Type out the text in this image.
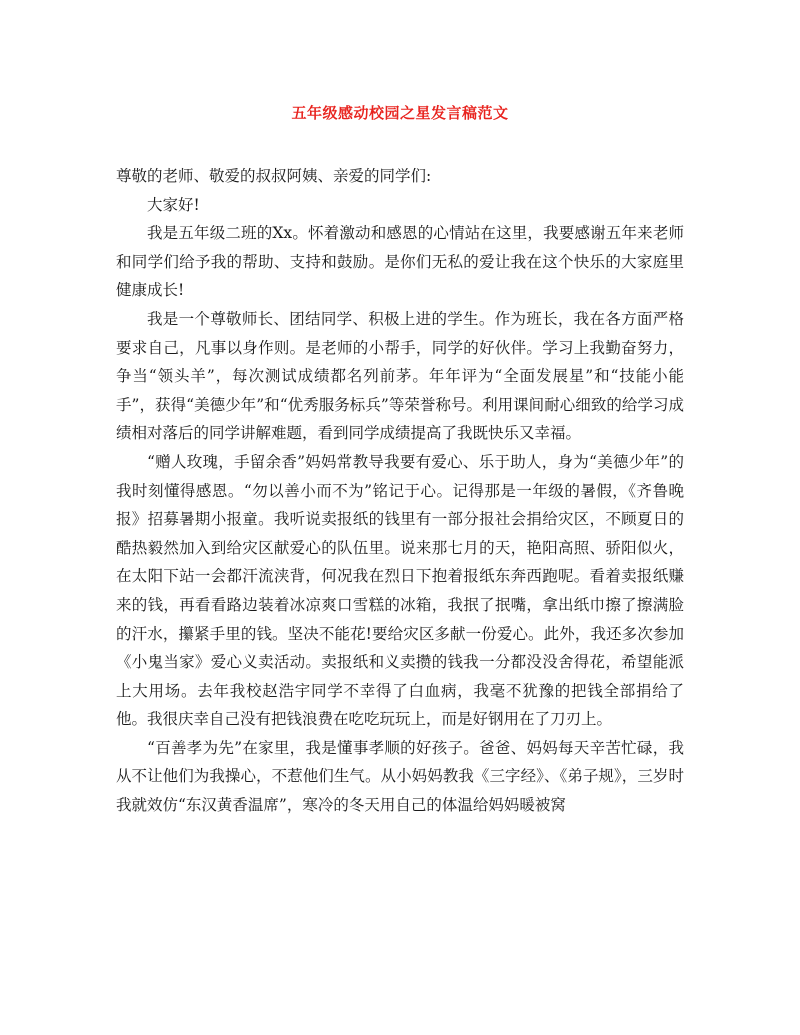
五年级感动校园之星发言稿范文

尊敬的老师、敬爱的叔叔阿姨、亲爱的同学们:

大家好!

我是五年级二班的Xx。怀着激动和感恩的心情站在这里，我要感谢五年来老师和同学们给予我的帮助、支持和鼓励。是你们无私的爱让我在这个快乐的大家庭里健康成长!

我是一个尊敬师长、团结同学、积极上进的学生。作为班长，我在各方面严格要求自己，凡事以身作则。是老师的小帮手，同学的好伙伴。学习上我勤奋努力，争当“领头羊”，每次测试成绩都名列前茅。年年评为“全面发展星”和“技能小能手”，获得“美德少年”和“优秀服务标兵”等荣誉称号。利用课间耐心细致的给学习成绩相对落后的同学讲解难题，看到同学成绩提高了我既快乐又幸福。

“赠人玫瑰，手留余香”妈妈常教导我要有爱心、乐于助人，身为“美德少年”的我时刻懂得感恩。“勿以善小而不为”铭记于心。记得那是一年级的暑假，《齐鲁晚报》招募暑期小报童。我听说卖报纸的钱里有一部分报社会捐给灾区，不顾夏日的酷热毅然加入到给灾区献爱心的队伍里。说来那七月的天，艳阳高照、骄阳似火，在太阳下站一会都汗流浃背，何况我在烈日下抱着报纸东奔西跑呢。看着卖报纸赚来的钱，再看看路边装着冰凉爽口雪糕的冰箱，我抿了抿嘴，拿出纸巾擦了擦满脸的汗水，攥紧手里的钱。坚决不能花!要给灾区多献一份爱心。此外，我还多次参加《小鬼当家》爱心义卖活动。卖报纸和义卖攒的钱我一分都没没舍得花，希望能派上大用场。去年我校赵浩宇同学不幸得了白血病，我毫不犹豫的把钱全部捐给了他。我很庆幸自己没有把钱浪费在吃吃玩玩上，而是好钢用在了刀刃上。

“百善孝为先”在家里，我是懂事孝顺的好孩子。爸爸、妈妈每天辛苦忙碌，我从不让他们为我操心，不惹他们生气。从小妈妈教我《三字经》、《弟子规》，三岁时我就效仿“东汉黄香温席”，寒冷的冬天用自己的体温给妈妈暖被窝
